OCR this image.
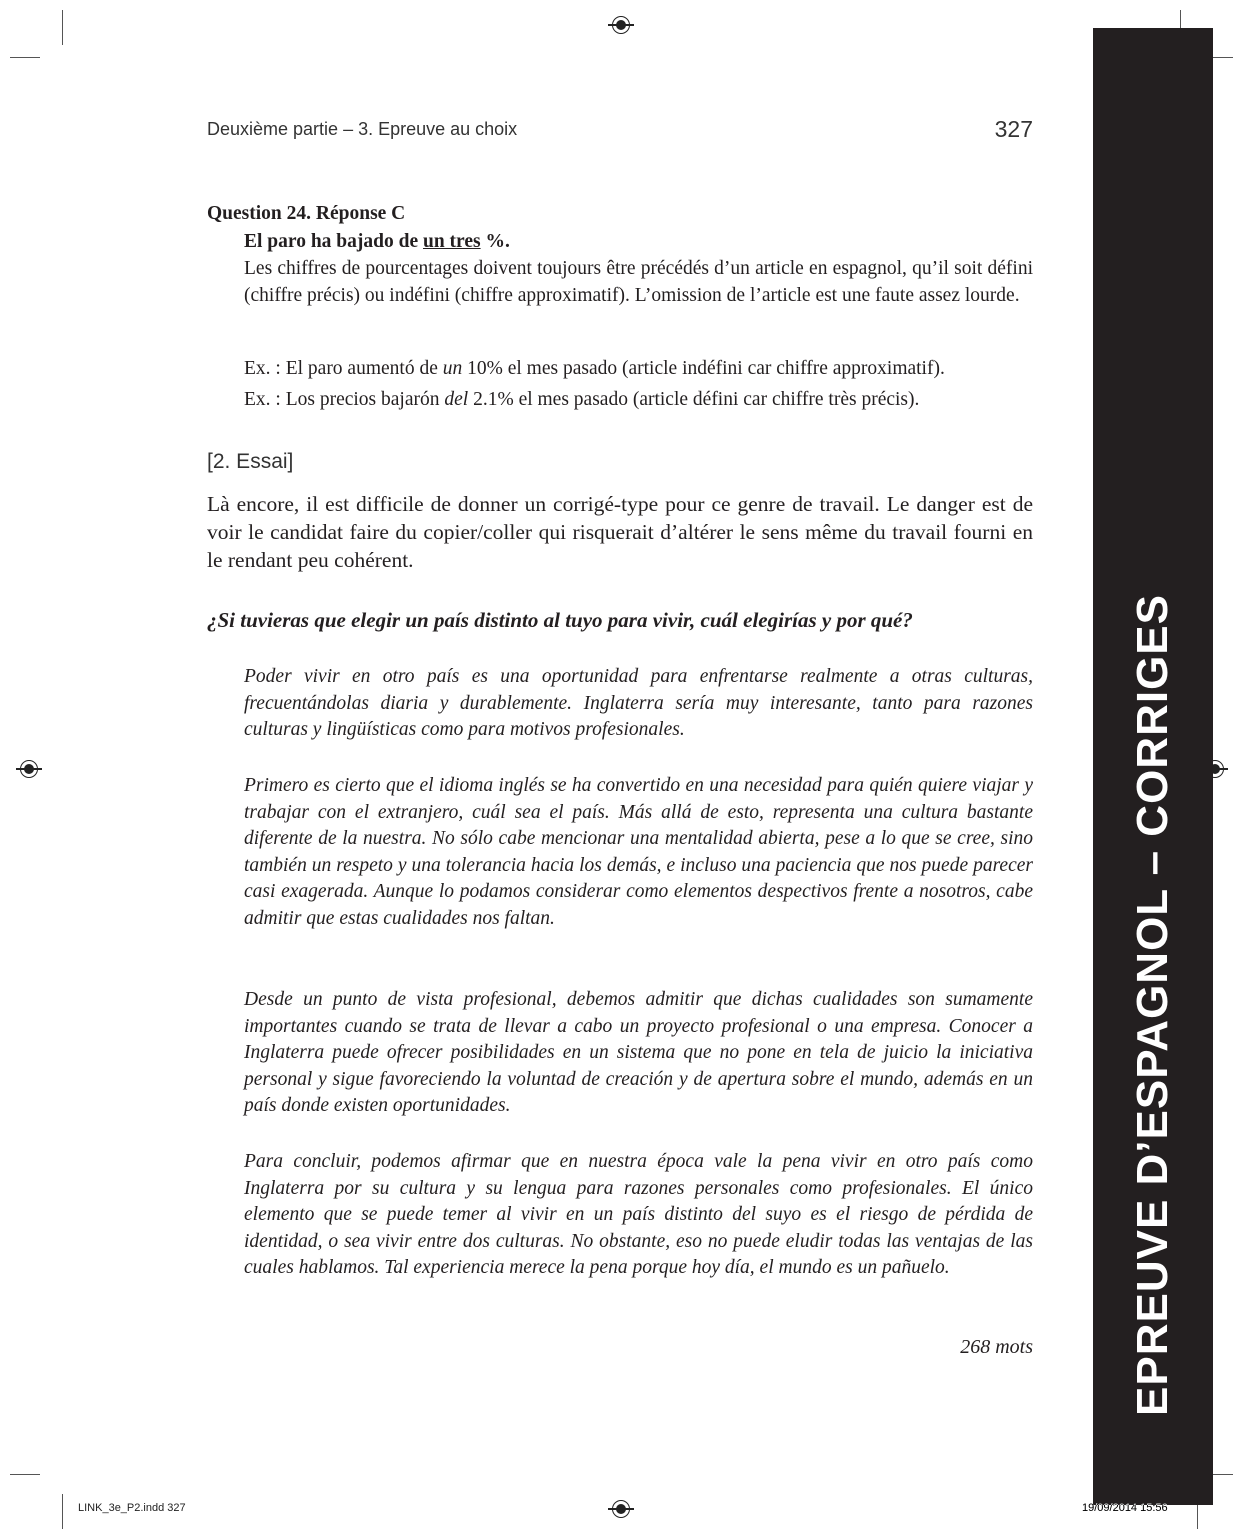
EPREUVE D’ESPAGNOL – CORRIGES
Deuxième partie – 3. Epreuve au choix	327
Question 24. Réponse C
El paro ha bajado de un tres %.
Les chiffres de pourcentages doivent toujours être précédés d’un article en espagnol, qu’il soit défini (chiffre précis) ou indéfini (chiffre approximatif). L’omission de l’article est une faute assez lourde.
Ex. : El paro aumentó de un 10% el mes pasado (article indéfini car chiffre approximatif).
Ex. : Los precios bajarón del 2.1% el mes pasado (article défini car chiffre très précis).
[2. Essai]
Là encore, il est difficile de donner un corrigé-type pour ce genre de travail. Le danger est de voir le candidat faire du copier/coller qui risquerait d’altérer le sens même du travail fourni en le rendant peu cohérent.
¿Si tuvieras que elegir un país distinto al tuyo para vivir, cuál elegirías y por qué?
Poder vivir en otro país es una oportunidad para enfrentarse realmente a otras culturas, frecuentándolas diaria y durablemente. Inglaterra sería muy interesante, tanto para razones culturas y lingüísticas como para motivos profesionales.
Primero es cierto que el idioma inglés se ha convertido en una necesidad para quién quiere viajar y trabajar con el extranjero, cuál sea el país. Más allá de esto, representa una cultura bastante diferente de la nuestra. No sólo cabe mencionar una mentalidad abierta, pese a lo que se cree, sino también un respeto y una tolerancia hacia los demás, e incluso una paciencia que nos puede parecer casi exagerada. Aunque lo podamos considerar como elementos despectivos frente a nosotros, cabe admitir que estas cualidades nos faltan.
Desde un punto de vista profesional, debemos admitir que dichas cualidades son sumamente importantes cuando se trata de llevar a cabo un proyecto profesional o una empresa. Conocer a Inglaterra puede ofrecer posibilidades en un sistema que no pone en tela de juicio la iniciativa personal y sigue favoreciendo la voluntad de creación y de apertura sobre el mundo, además en un país donde existen oportunidades.
Para concluir, podemos afirmar que en nuestra época vale la pena vivir en otro país como Inglaterra por su cultura y su lengua para razones personales como profesionales. El único elemento que se puede temer al vivir en un país distinto del suyo es el riesgo de pérdida de identidad, o sea vivir entre dos culturas. No obstante, eso no puede eludir todas las ventajas de las cuales hablamos. Tal experiencia merece la pena porque hoy día, el mundo es un pañuelo.
268 mots
LINK_3e_P2.indd 327	19/09/2014 15:56
